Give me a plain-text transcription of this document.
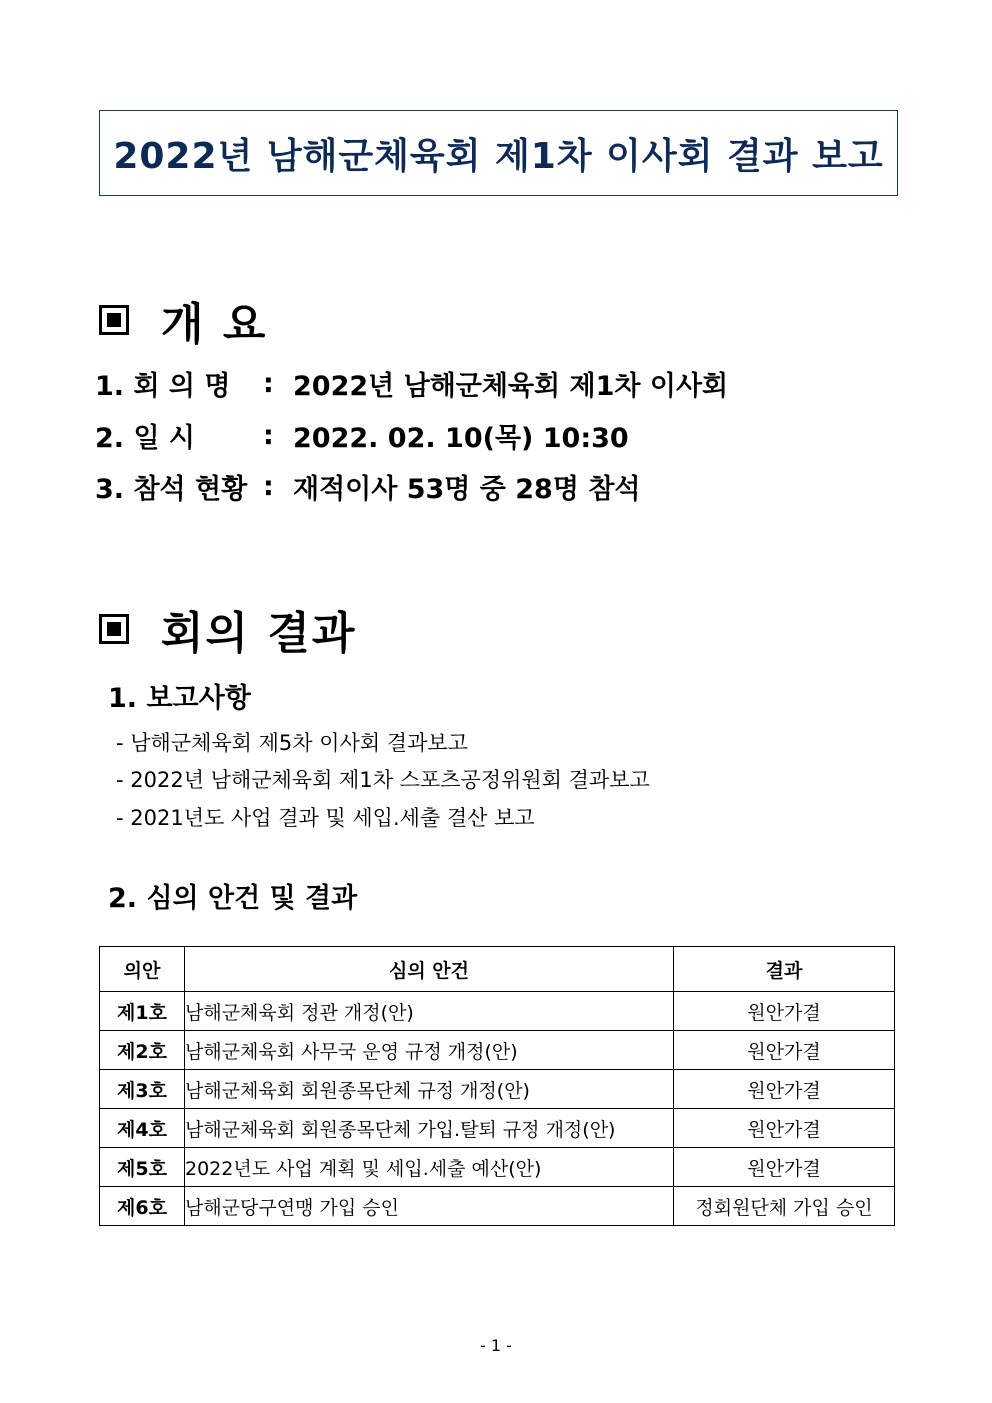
2022년 남해군체육회 제1차 이사회 결과 보고
개 요
1. 회 의 명	: 2022년 남해군체육회 제1차 이사회
2. 일 시	: 2022. 02. 10(목) 10:30
3. 참석 현황 : 재적이사 53명 중 28명 참석
회의 결과
1. 보고사항
- 남해군체육회 제5차 이사회 결과보고
- 2022년 남해군체육회 제1차 스포츠공정위원회 결과보고
- 2021년도 사업 결과 및 세입.세출 결산 보고
2. 심의 안건 및 결과
의안	심의 안건	결과
제1호	남해군체육회 정관 개정(안)	원안가결
제2호	남해군체육회 사무국 운영 규정 개정(안)	원안가결
제3호	남해군체육회 회원종목단체 규정 개정(안)	원안가결
제4호	남해군체육회 회원종목단체 가입.탈퇴 규정 개정(안)	원안가결
제5호	2022년도 사업 계획 및 세입.세출 예산(안)	원안가결
제6호	남해군당구연맹 가입 승인	정회원단체 가입 승인
- 1 -
